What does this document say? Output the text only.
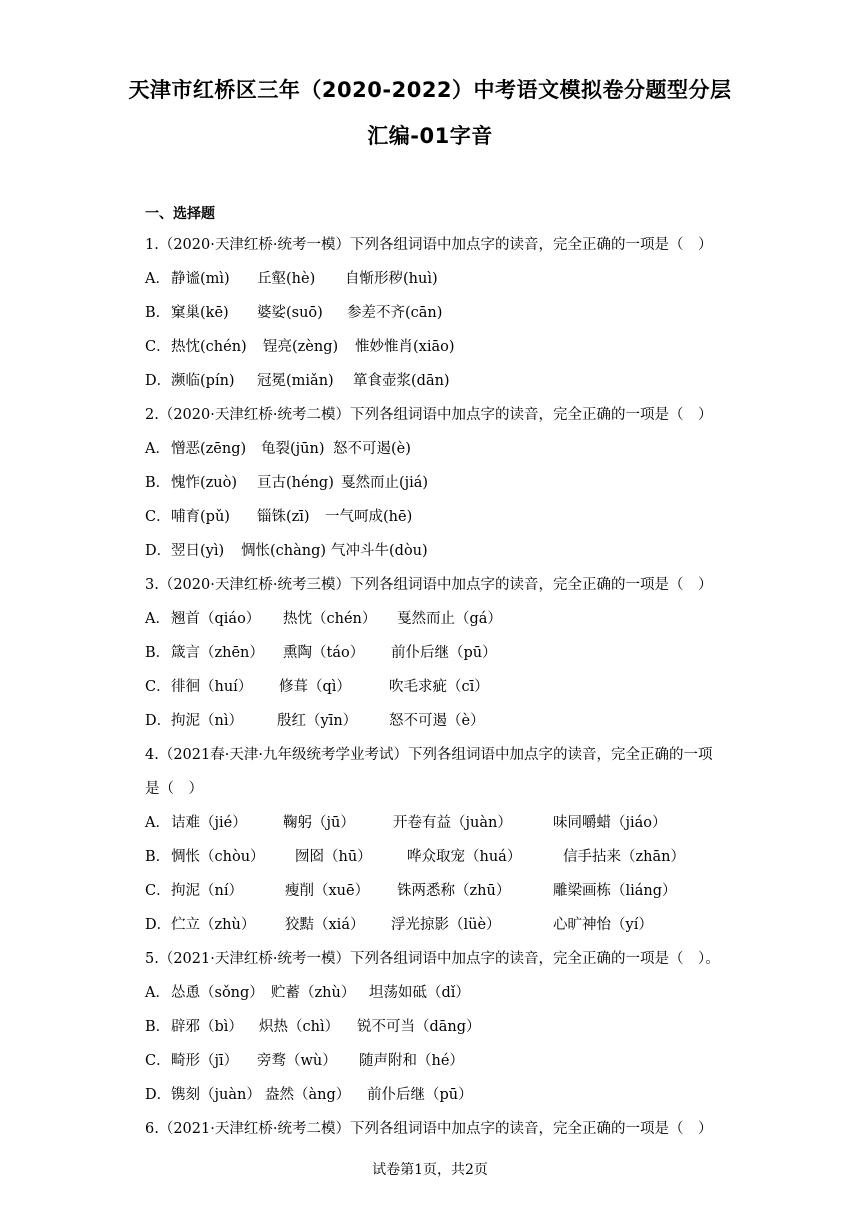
天津市红桥区三年（2020-2022）中考语文模拟卷分题型分层
汇编-01字音
一、选择题
1.（2020·天津红桥·统考一模）下列各组词语中加点字的读音，完全正确的一项是（　）
A． 静谧(mì)	丘壑(hè)	自惭形秽(huì)
B． 窠巢(kē)	婆娑(suō)	参差不齐(cān)
C． 热忱(chén)	锃亮(zèng)	惟妙惟肖(xiāo)
D． 濒临(pín)	冠冕(miǎn)	箪食壶浆(dān)
2.（2020·天津红桥·统考二模）下列各组词语中加点字的读音，完全正确的一项是（　）
A． 憎恶(zēng)	龟裂(jūn) 怒不可遏(è)
B． 愧怍(zuò)	亘古(héng) 戛然而止(jiá)
C． 哺育(pǔ)	锱铢(zī)	一气呵成(hē)
D． 翌日(yì)	惆怅(chàng) 气冲斗牛(dòu)
3.（2020·天津红桥·统考三模）下列各组词语中加点字的读音，完全正确的一项是（　）
A． 翘首（qiáo）	热忱（chén）	戛然而止（gá）
B． 箴言（zhēn）	熏陶（táo）	前仆后继（pū）
C． 徘徊（huí）	修葺（qì）	吹毛求疵（cī）
D． 拘泥（nì）	殷红（yīn）	怒不可遏（è）
4.（2021春·天津·九年级统考学业考试）下列各组词语中加点字的读音，完全正确的一项是（　）
A． 诘难（jié）	鞠躬（jū）	开卷有益（juàn）	味同嚼蜡（jiáo）
B． 惆怅（chòu）	囫囵（hū）	哗众取宠（huá）	信手拈来（zhān）
C． 拘泥（ní）	瘦削（xuē）	铢两悉称（zhū）	雕梁画栋（liáng）
D． 伫立（zhù）	狡黠（xiá）	浮光掠影（lüè）	心旷神怡（yí）
5.（2021·天津红桥·统考一模）下列各组词语中加点字的读音，完全正确的一项是（　）。
A． 怂恿（sǒng） 贮蓄（zhù） 坦荡如砥（dǐ）
B． 辟邪（bì）	炽热（chì）	锐不可当（dāng）
C． 畸形（jī）	旁骛（wù）	随声附和（hé）
D． 镌刻（juàn） 盎然（àng）	前仆后继（pū）
6.（2021·天津红桥·统考二模）下列各组词语中加点字的读音，完全正确的一项是（　）
试卷第1页，共2页
